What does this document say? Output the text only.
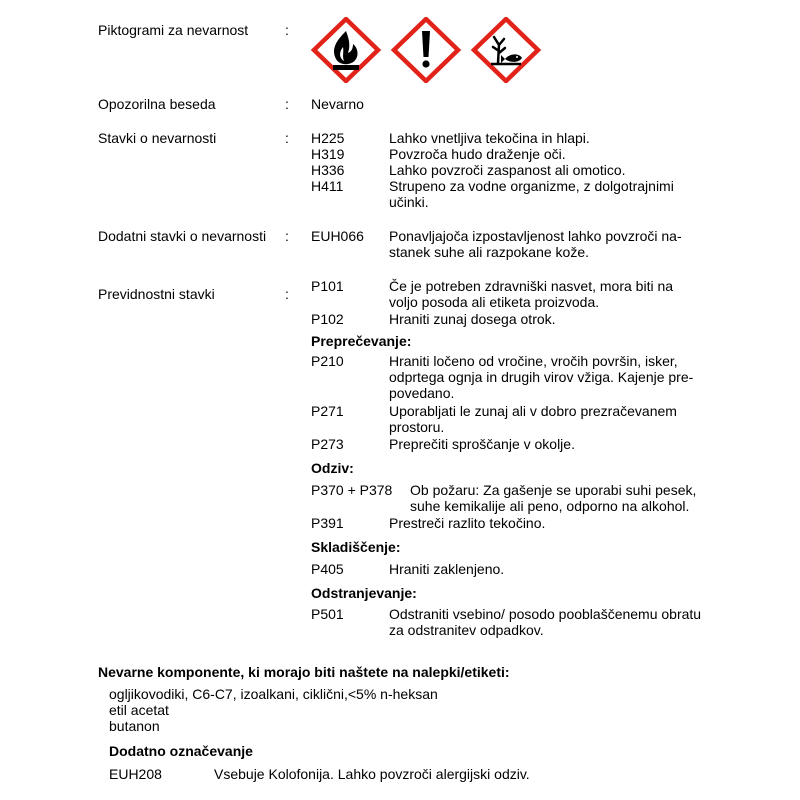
Piktogrami za nevarnost	:
Opozorilna beseda	: Nevarno
Stavki o nevarnosti	: H225	Lahko vnetljiva tekočina in hlapi.
H319	Povzroča hudo draženje oči.
H336	Lahko povzroči zaspanost ali omotico.
H411	Strupeno za vodne organizme, z dolgotrajnimi učinki.
Dodatni stavki o nevarnosti : EUH066 Ponavljajoča izpostavljenost lahko povzroči na-stanek suhe ali razpokane kože.
Previdnostni stavki	: P101	Če je potreben zdravniški nasvet, mora biti na voljo posoda ali etiketa proizvoda.
P102	Hraniti zunaj dosega otrok.
Preprečevanje:
P210	Hraniti ločeno od vročine, vročih površin, isker, odprtega ognja in drugih virov vžiga. Kajenje pre-povedano.
P271	Uporabljati le zunaj ali v dobro prezračevanem prostoru.
P273	Preprečiti sproščanje v okolje.
Odziv:
P370 + P378 Ob požaru: Za gašenje se uporabi suhi pesek, suhe kemikalije ali peno, odporno na alkohol.
P391	Prestreči razlito tekočino.
Skladiščenje:
P405	Hraniti zaklenjeno.
Odstranjevanje:
P501	Odstraniti vsebino/ posodo pooblaščenemu obratu za odstranitev odpadkov.
Nevarne komponente, ki morajo biti naštete na nalepki/etiketi:
ogljikovodiki, C6-C7, izoalkani, ciklični,<5% n-heksan
etil acetat
butanon
Dodatno označevanje
EUH208	Vsebuje Kolofonija. Lahko povzroči alergijski odziv.
